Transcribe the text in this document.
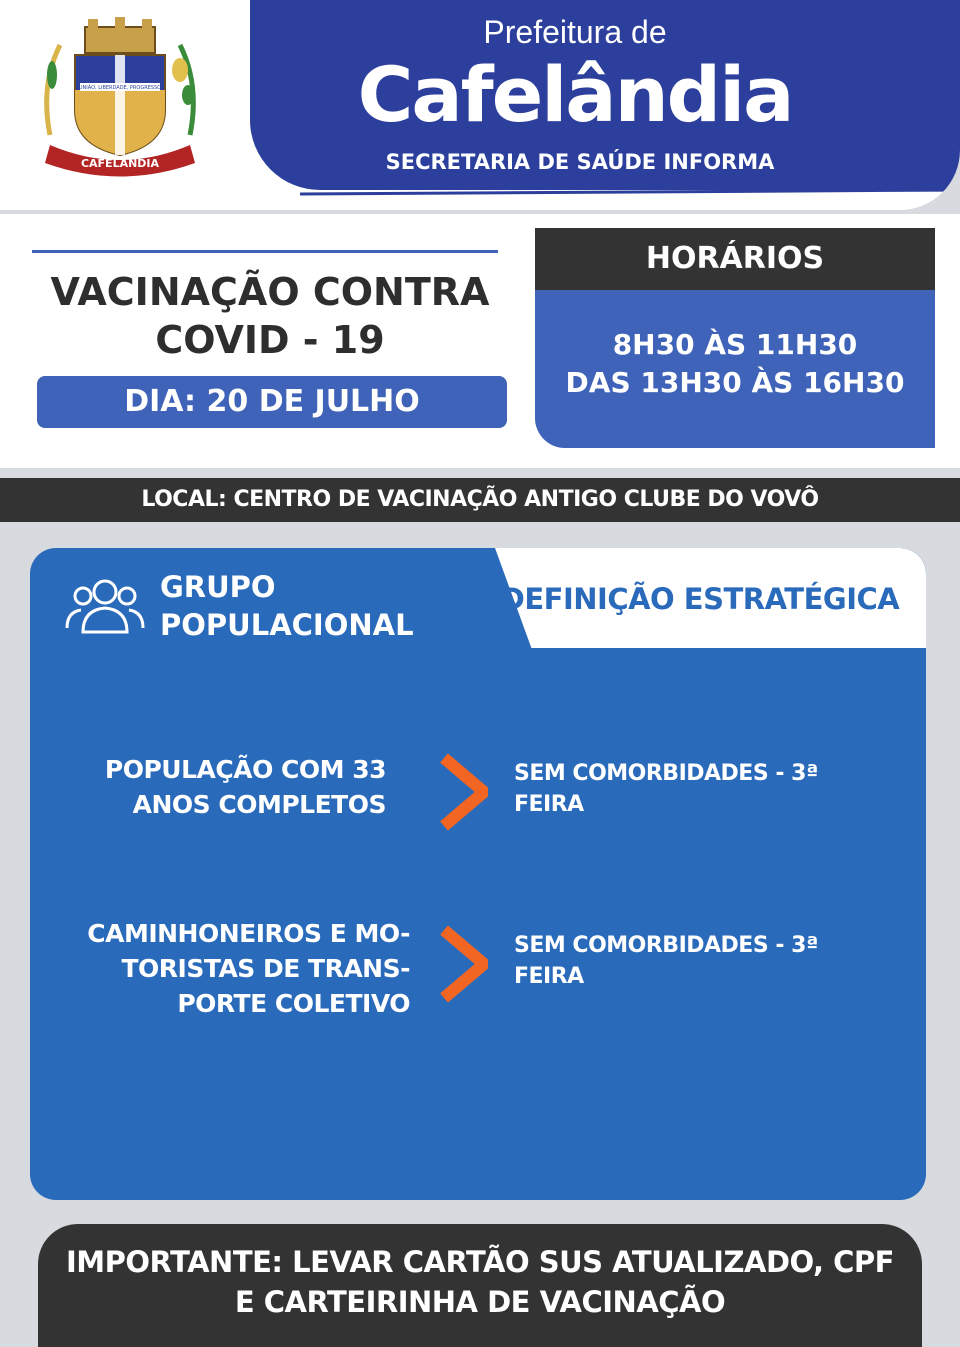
CAFELANDIA
UNIÃO, LIBERDADE, PROGRESSO
Prefeitura de
Cafelândia
SECRETARIA DE SAÚDE INFORMA
VACINAÇÃO CONTRA
COVID - 19
DIA: 20 DE JULHO
HORÁRIOS
8H30 ÀS 11H30
DAS 13H30 ÀS 16H30
LOCAL: CENTRO DE VACINAÇÃO ANTIGO CLUBE DO VOVÔ
DEFINIÇÃO ESTRATÉGICA
GRUPO
POPULACIONAL
POPULAÇÃO COM 33
ANOS COMPLETOS
SEM COMORBIDADES - 3ª
FEIRA
CAMINHONEIROS E MO-
TORISTAS DE TRANS-
PORTE COLETIVO
SEM COMORBIDADES - 3ª
FEIRA
IMPORTANTE: LEVAR CARTÃO SUS ATUALIZADO, CPF
E CARTEIRINHA DE VACINAÇÃO
